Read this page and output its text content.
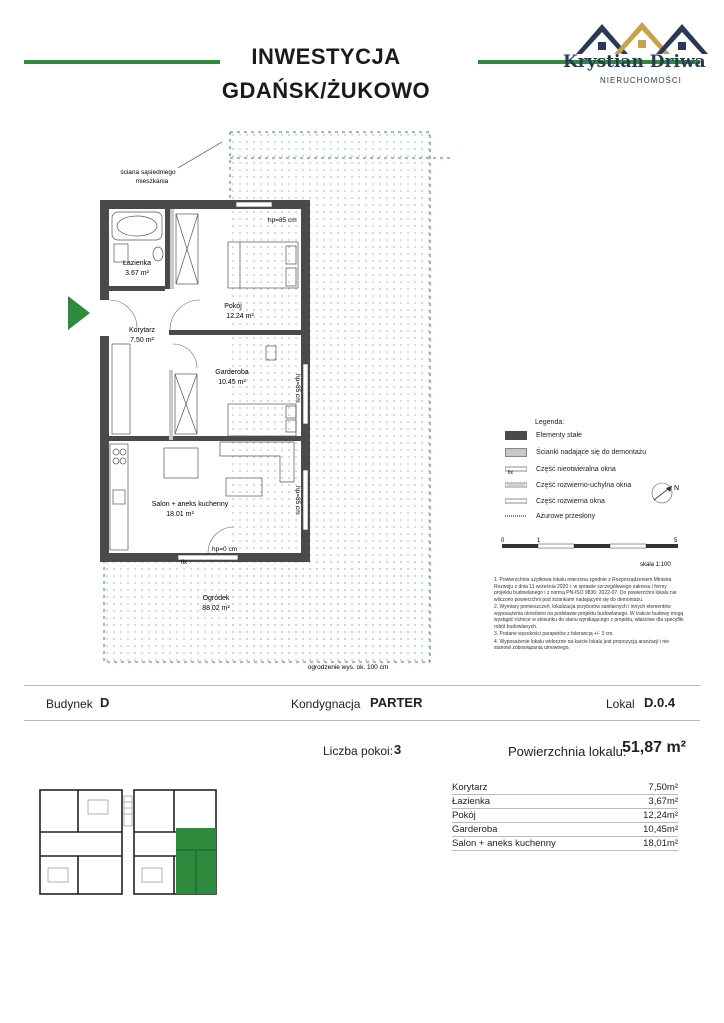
INWESTYCJA
GDAŃSK/ŻUKOWO
Krystian Driwa
NIERUCHOMOŚCI
ściana sąsiedniego
mieszkania
hp=85 cm
hp=85 cm
hp=85 cm
hp=0 cm
fix
Łazienka
3.67 m²
Korytarz
7.50 m²
Pokój
12.24 m²
Garderoba
10.45 m²
Salon + aneks kuchenny
18.01 m²
Ogródek
88.02 m²
ogrodzenie wys. ok. 100 cm
Legenda:
Elementy stałe
Ścianki nadające się do demontażu
fix	Część nieotwieralna okna
Część rozwierno-uchylna okna
Część rozwierna okna
Ażurowe przesłony
N
0	1	5
skala 1:100
1. Powierzchnia użytkowa lokalu mierzona zgodnie z Rozporządzeniem Ministra Rozwoju z dnia 11 września 2020 r. w sprawie szczegółowego zakresu i formy projektu budowlanego i z normą PN-ISO 9836: 2022-07. Do powierzchni lokalu nie wliczono powierzchni pod ściankami nadającymi się do demontażu.
2. Wymiary pomieszczeń, lokalizacja przyborów sanitarnych i innych elementów wyposażenia określono na podstawie projektu budowlanego. W trakcie budowy mogą wystąpić różnice w stosunku do stanu wynikającego z projektu, właściwe dla specyfiki robót budowlanych.
3. Podane wysokości parapetów z tolerancją +/- 3 cm.
4. Wyposażenie lokalu widoczne na karcie lokalu jest propozycją aranżacji i nie stanowi zobowiązania umownego.
Budynek D	Kondygnacja PARTER	Lokal D.0.4
Liczba pokoi: 3	Powierzchnia lokalu:
51,87 m²
Korytarz	7,50m²
Łazienka	3,67m²
Pokój	12,24m²
Garderoba	10,45m²
Salon + aneks kuchenny	18,01m²
